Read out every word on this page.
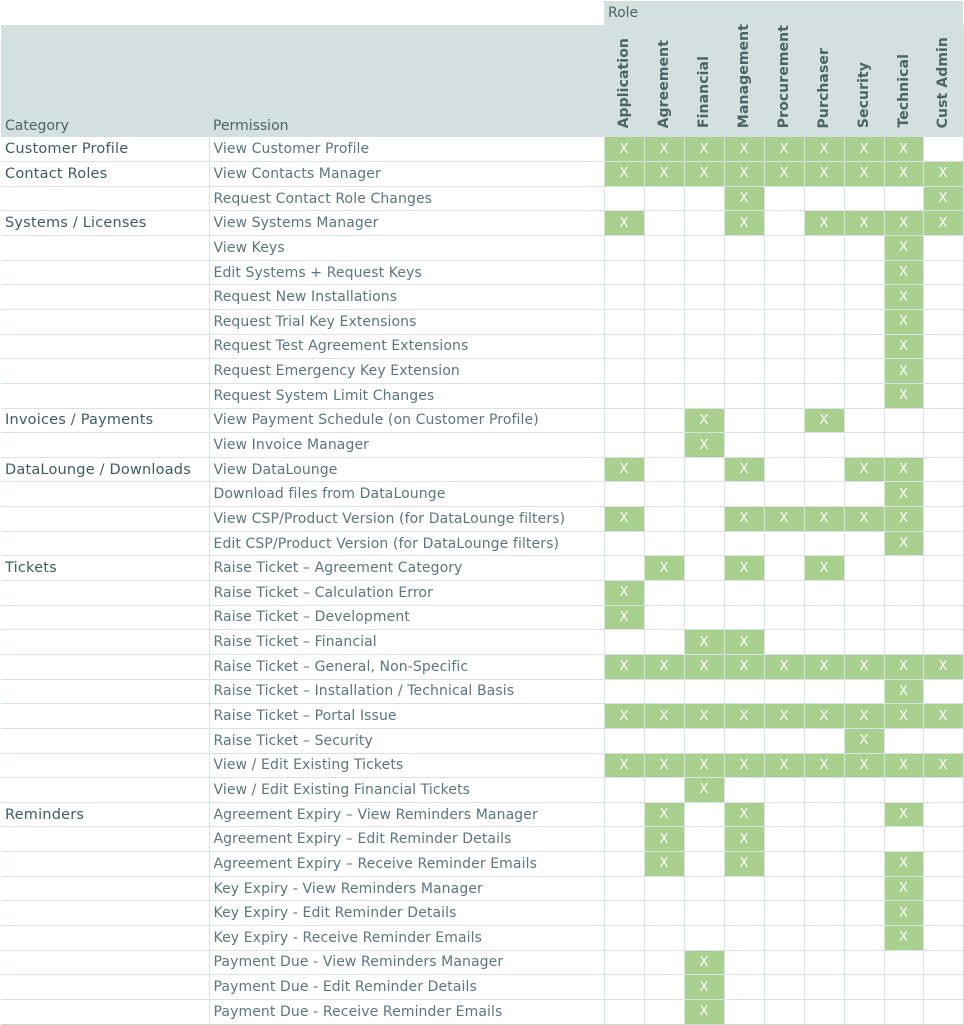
		Role								
Category	Permission	Application	Agreement	Financial	Management	Procurement	Purchaser	Security	Technical	Cust Admin

Customer Profile	View Customer Profile	X	X	X	X	X	X	X	X	
Contact Roles	View Contacts Manager	X	X	X	X	X	X	X	X	X
	Request Contact Role Changes				X					X
Systems / Licenses	View Systems Manager	X			X		X	X	X	X
	View Keys								X	
	Edit Systems + Request Keys								X	
	Request New Installations								X	
	Request Trial Key Extensions								X	
	Request Test Agreement Extensions								X	
	Request Emergency Key Extension								X	
	Request System Limit Changes								X	
Invoices / Payments	View Payment Schedule (on Customer Profile)			X			X			
	View Invoice Manager			X						
DataLounge / Downloads	View DataLounge	X			X			X	X	
	Download files from DataLounge								X	
	View CSP/Product Version (for DataLounge filters)	X			X	X	X	X	X	
	Edit CSP/Product Version (for DataLounge filters)								X	
Tickets	Raise Ticket – Agreement Category		X		X		X			
	Raise Ticket – Calculation Error	X								
	Raise Ticket – Development	X								
	Raise Ticket – Financial			X	X					
	Raise Ticket – General, Non-Specific	X	X	X	X	X	X	X	X	X
	Raise Ticket – Installation / Technical Basis								X	
	Raise Ticket – Portal Issue	X	X	X	X	X	X	X	X	X
	Raise Ticket – Security							X		
	View / Edit Existing Tickets	X	X	X	X	X	X	X	X	X
	View / Edit Existing Financial Tickets			X						
Reminders	Agreement Expiry – View Reminders Manager		X		X				X	
	Agreement Expiry – Edit Reminder Details		X		X					
	Agreement Expiry – Receive Reminder Emails		X		X				X	
	Key Expiry - View Reminders Manager								X	
	Key Expiry - Edit Reminder Details								X	
	Key Expiry - Receive Reminder Emails								X	
	Payment Due - View Reminders Manager			X						
	Payment Due - Edit Reminder Details			X						
	Payment Due - Receive Reminder Emails			X						
